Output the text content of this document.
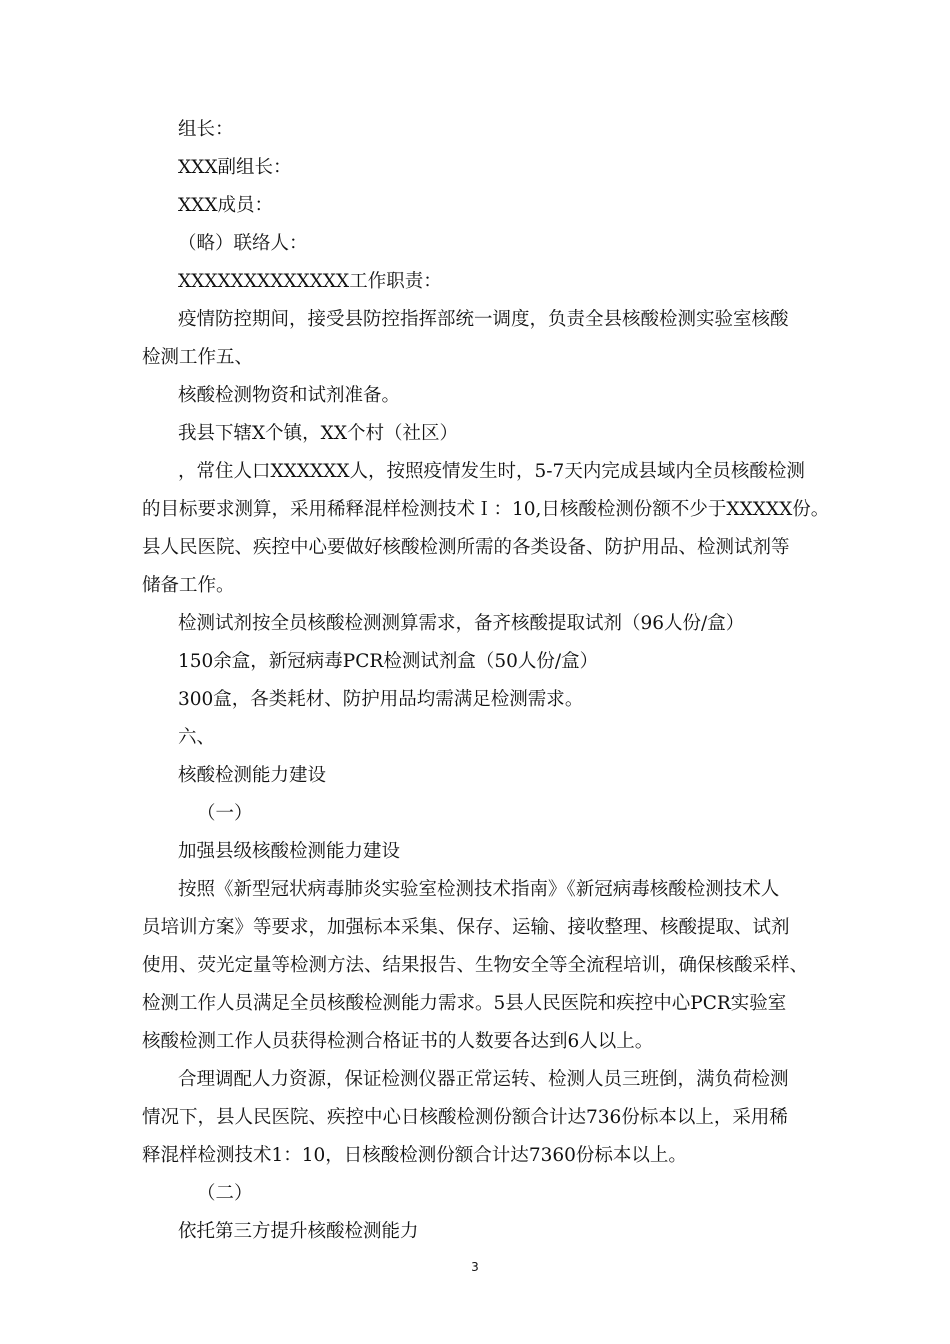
组长：
XXX副组长：
XXX成员：
（略）联络人：
XXXXXXXXXXXXX工作职责：
疫情防控期间，接受县防控指挥部统一调度，负责全县核酸检测实验室核酸
检测工作五、
核酸检测物资和试剂准备。
我县下辖X个镇，XX个村（社区）
，常住人口XXXXXX人，按照疫情发生时，5-7天内完成县域内全员核酸检测
的目标要求测算，采用稀释混样检测技术Ｉ：10,日核酸检测份额不少于XXXXX份。
县人民医院、疾控中心要做好核酸检测所需的各类设备、防护用品、检测试剂等
储备工作。
检测试剂按全员核酸检测测算需求，备齐核酸提取试剂（96人份/盒）
150余盒，新冠病毒PCR检测试剂盒（50人份/盒）
300盒，各类耗材、防护用品均需满足检测需求。
六、
核酸检测能力建设
（一）
加强县级核酸检测能力建设
按照《新型冠状病毒肺炎实验室检测技术指南》《新冠病毒核酸检测技术人
员培训方案》等要求，加强标本采集、保存、运输、接收整理、核酸提取、试剂
使用、荧光定量等检测方法、结果报告、生物安全等全流程培训，确保核酸采样、
检测工作人员满足全员核酸检测能力需求。5县人民医院和疾控中心PCR实验室
核酸检测工作人员获得检测合格证书的人数要各达到6人以上。
合理调配人力资源，保证检测仪器正常运转、检测人员三班倒，满负荷检测
情况下，县人民医院、疾控中心日核酸检测份额合计达736份标本以上，采用稀
释混样检测技术1：10，日核酸检测份额合计达7360份标本以上。
（二）
依托第三方提升核酸检测能力
3
